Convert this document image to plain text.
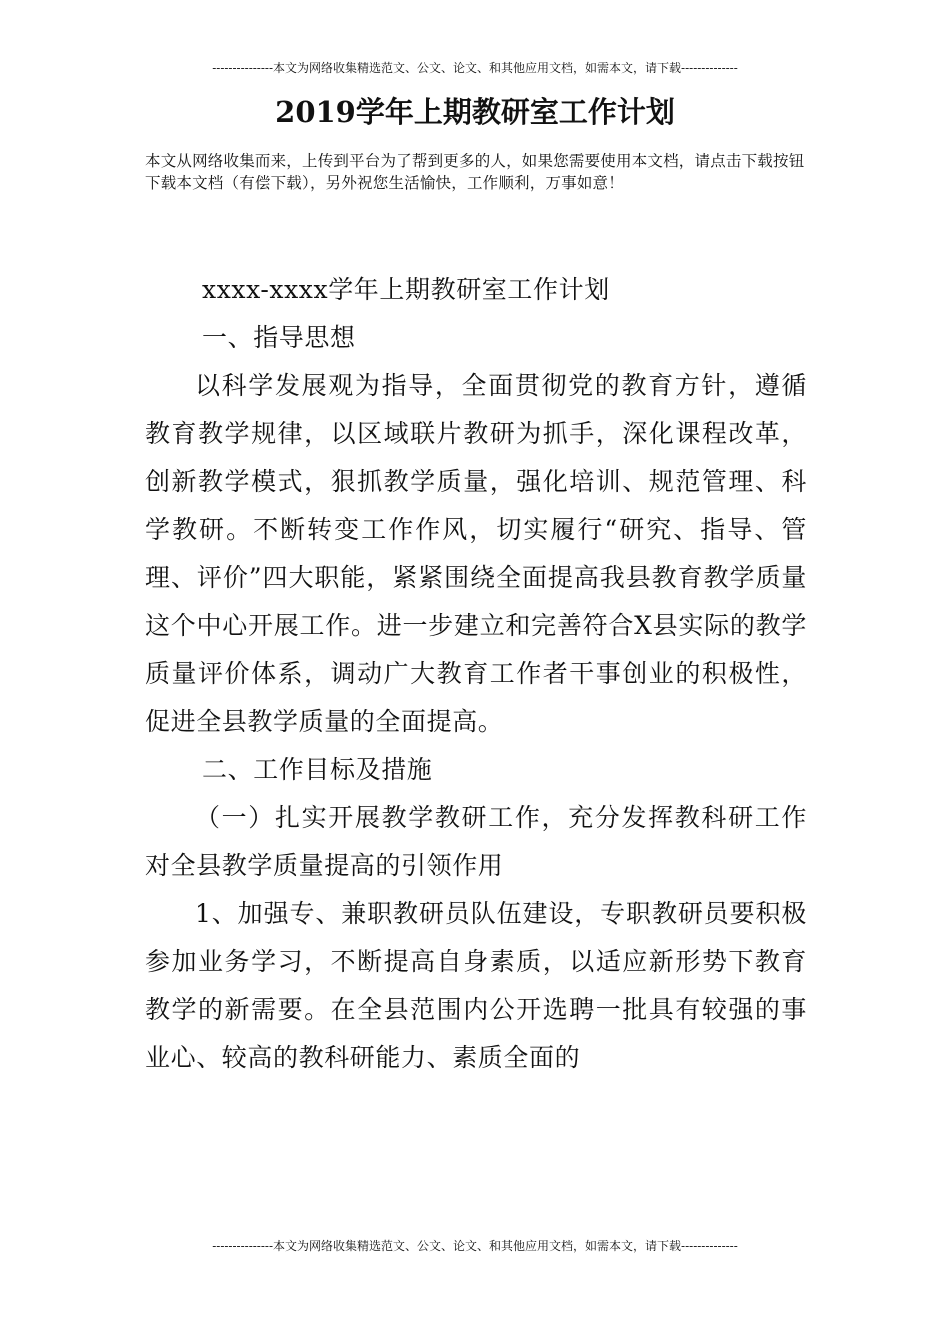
---------------本文为网络收集精选范文、公文、论文、和其他应用文档，如需本文，请下载--------------
2019学年上期教研室工作计划

本文从网络收集而来，上传到平台为了帮到更多的人，如果您需要使用本文档，请点击下载按钮下载本文档（有偿下载），另外祝您生活愉快，工作顺利，万事如意！

xxxx-xxxx学年上期教研室工作计划

一、指导思想

以科学发展观为指导，全面贯彻党的教育方针，遵循教育教学规律，以区域联片教研为抓手，深化课程改革，创新教学模式，狠抓教学质量，强化培训、规范管理、科学教研。不断转变工作作风，切实履行“研究、指导、管理、评价”四大职能，紧紧围绕全面提高我县教育教学质量这个中心开展工作。进一步建立和完善符合X县实际的教学质量评价体系，调动广大教育工作者干事创业的积极性，促进全县教学质量的全面提高。

二、工作目标及措施

（一）扎实开展教学教研工作，充分发挥教科研工作对全县教学质量提高的引领作用

1、加强专、兼职教研员队伍建设，专职教研员要积极参加业务学习，不断提高自身素质，以适应新形势下教育教学的新需要。在全县范围内公开选聘一批具有较强的事业心、较高的教科研能力、素质全面的

---------------本文为网络收集精选范文、公文、论文、和其他应用文档，如需本文，请下载--------------
